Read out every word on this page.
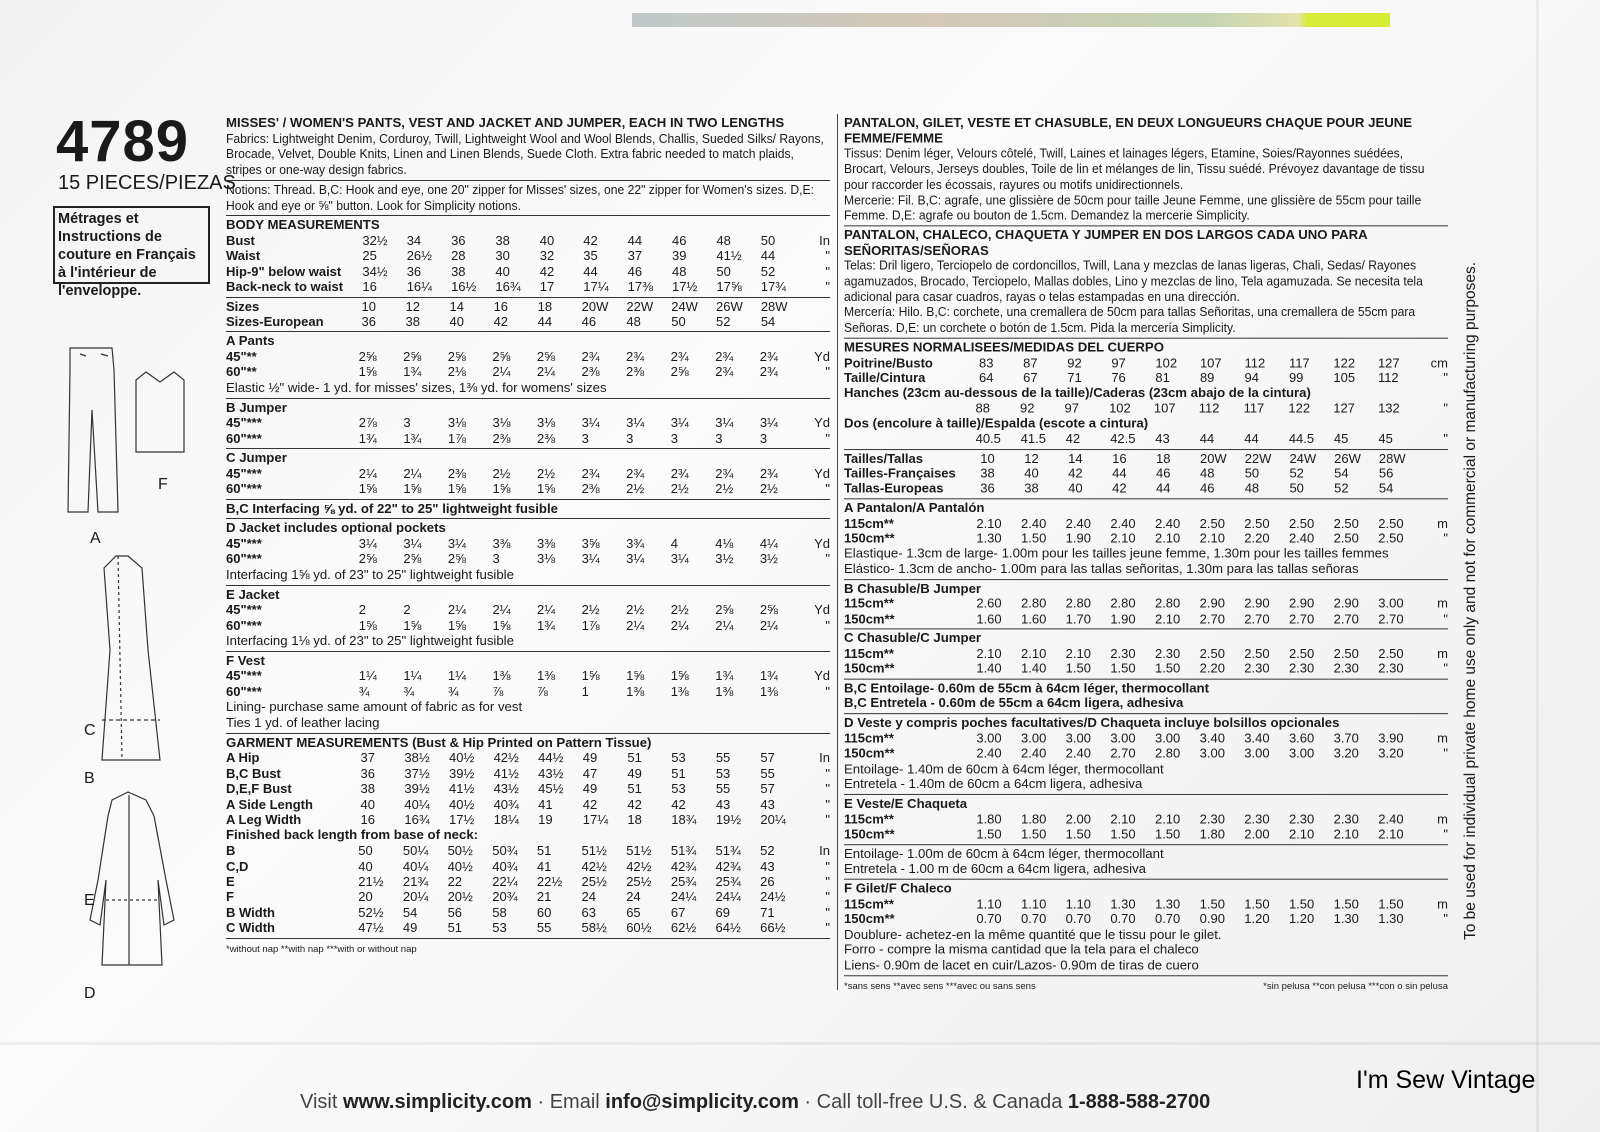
4789
15 PIECES/PIEZAS
Métrages et Instructions de couture en Français à l'intérieur de l'enveloppe.
A
F
C
B
E
D
MISSES' / WOMEN'S PANTS, VEST AND JACKET AND JUMPER, EACH IN TWO LENGTHS
Fabrics: Lightweight Denim, Corduroy, Twill, Lightweight Wool and Wool Blends, Challis, Sueded Silks/ Rayons, Brocade, Velvet, Double Knits, Linen and Linen Blends, Suede Cloth. Extra fabric needed to match plaids, stripes or one-way design fabrics.
Notions: Thread. B,C: Hook and eye, one 20" zipper for Misses' sizes, one 22" zipper for Women's sizes. D,E: Hook and eye or ⅝" button. Look for Simplicity notions.
BODY MEASUREMENTS
Bust	32½	34	36	38	40	42	44	46	48	50	In
Waist	25	26½	28	30	32	35	37	39	41½	44	"
Hip-9" below waist	34½	36	38	40	42	44	46	48	50	52	"
Back-neck to waist	16	16¼	16½	16¾	17	17¼	17⅜	17½	17⅝	17¾	"
Sizes	10	12	14	16	18	20W	22W	24W	26W	28W	
Sizes-European	36	38	40	42	44	46	48	50	52	54	
A Pants
45"**	2⅝	2⅝	2⅝	2⅝	2⅝	2¾	2¾	2¾	2¾	2¾	Yd
60"**	1⅝	1¾	2⅛	2¼	2¼	2⅜	2⅜	2⅝	2¾	2¾	"
Elastic ½" wide- 1 yd. for misses' sizes, 1⅜ yd. for womens' sizes
B Jumper
45"***	2⅞	3	3⅛	3⅛	3⅛	3¼	3¼	3¼	3¼	3¼	Yd
60"***	1¾	1¾	1⅞	2⅜	2⅜	3	3	3	3	3	"
C Jumper
45"***	2¼	2¼	2⅜	2½	2½	2¾	2¾	2¾	2¾	2¾	Yd
60"***	1⅝	1⅝	1⅝	1⅝	1⅝	2⅜	2½	2½	2½	2½	"
B,C Interfacing ⅝ yd. of 22" to 25" lightweight fusible
D Jacket includes optional pockets
45"***	3¼	3¼	3¼	3⅜	3⅜	3⅝	3¾	4	4⅛	4¼	Yd
60"***	2⅝	2⅝	2⅝	3	3⅛	3¼	3¼	3¼	3½	3½	"
Interfacing 1⅝ yd. of 23" to 25" lightweight fusible
E Jacket
45"***	2	2	2¼	2¼	2¼	2½	2½	2½	2⅝	2⅝	Yd
60"***	1⅝	1⅝	1⅝	1⅝	1¾	1⅞	2¼	2¼	2¼	2¼	"
Interfacing 1⅛ yd. of 23" to 25" lightweight fusible
F Vest
45"***	1¼	1¼	1¼	1⅜	1⅜	1⅝	1⅝	1⅝	1¾	1¾	Yd
60"***	¾	¾	¾	⅞	⅞	1	1⅜	1⅜	1⅜	1⅜	"
Lining- purchase same amount of fabric as for vest
Ties 1 yd. of leather lacing
GARMENT MEASUREMENTS (Bust & Hip Printed on Pattern Tissue)
A Hip	37	38½	40½	42½	44½	49	51	53	55	57	In
B,C Bust	36	37½	39½	41½	43½	47	49	51	53	55	"
D,E,F Bust	38	39½	41½	43½	45½	49	51	53	55	57	"
A Side Length	40	40¼	40½	40¾	41	42	42	42	43	43	"
A Leg Width	16	16¾	17½	18¼	19	17¼	18	18¾	19½	20¼	"
Finished back length from base of neck:
B	50	50¼	50½	50¾	51	51½	51½	51¾	51¾	52	In
C,D	40	40¼	40½	40¾	41	42½	42½	42¾	42¾	43	"
E	21½	21¾	22	22¼	22½	25½	25½	25¾	25¾	26	"
F	20	20¼	20½	20¾	21	24	24	24¼	24¼	24½	"
B Width	52½	54	56	58	60	63	65	67	69	71	"
C Width	47½	49	51	53	55	58½	60½	62½	64½	66½	"
*without nap **with nap ***with or without nap
PANTALON, GILET, VESTE ET CHASUBLE, EN DEUX LONGUEURS CHAQUE POUR JEUNE FEMME/FEMME
Tissus: Denim léger, Velours côtelé, Twill, Laines et lainages légers, Etamine, Soies/Rayonnes suédées, Brocart, Velours, Jerseys doubles, Toile de lin et mélanges de lin, Tissu suédé. Prévoyez davantage de tissu pour raccorder les écossais, rayures ou motifs unidirectionnels.
Mercerie: Fil. B,C: agrafe, une glissière de 50cm pour taille Jeune Femme, une glissière de 55cm pour taille Femme. D,E: agrafe ou bouton de 1.5cm. Demandez la mercerie Simplicity.
PANTALON, CHALECO, CHAQUETA Y JUMPER EN DOS LARGOS CADA UNO PARA SEÑORITAS/SEÑORAS
Telas: Dril ligero, Terciopelo de cordoncillos, Twill, Lana y mezclas de lanas ligeras, Chali, Sedas/ Rayones agamuzados, Brocado, Terciopelo, Mallas dobles, Lino y mezclas de lino, Tela agamuzada. Se necesita tela adicional para casar cuadros, rayas o telas estampadas en una dirección.
Mercería: Hilo. B,C: corchete, una cremallera de 50cm para tallas Señoritas, una cremallera de 55cm para Señoras. D,E: un corchete o botón de 1.5cm. Pida la mercería Simplicity.
MESURES NORMALISEES/MEDIDAS DEL CUERPO
Poitrine/Busto	83	87	92	97	102	107	112	117	122	127	cm
Taille/Cintura	64	67	71	76	81	89	94	99	105	112	"
Hanches (23cm au-dessous de la taille)/Caderas (23cm abajo de la cintura)
	88	92	97	102	107	112	117	122	127	132	"
Dos (encolure à taille)/Espalda (escote a cintura)
	40.5	41.5	42	42.5	43	44	44	44.5	45	45	"
Tailles/Tallas	10	12	14	16	18	20W	22W	24W	26W	28W	
Tailles-Françaises	38	40	42	44	46	48	50	52	54	56	
Tallas-Europeas	36	38	40	42	44	46	48	50	52	54	
A Pantalon/A Pantalón
115cm**	2.10	2.40	2.40	2.40	2.40	2.50	2.50	2.50	2.50	2.50	m
150cm**	1.30	1.50	1.90	2.10	2.10	2.10	2.20	2.40	2.50	2.50	"
Elastique- 1.3cm de large- 1.00m pour les tailles jeune femme, 1.30m pour les tailles femmes
Elástico- 1.3cm de ancho- 1.00m para las tallas señoritas, 1.30m para las tallas señoras
B Chasuble/B Jumper
115cm**	2.60	2.80	2.80	2.80	2.80	2.90	2.90	2.90	2.90	3.00	m
150cm**	1.60	1.60	1.70	1.90	2.10	2.70	2.70	2.70	2.70	2.70	"
C Chasuble/C Jumper
115cm**	2.10	2.10	2.10	2.30	2.30	2.50	2.50	2.50	2.50	2.50	m
150cm**	1.40	1.40	1.50	1.50	1.50	2.20	2.30	2.30	2.30	2.30	"
B,C Entoilage- 0.60m de 55cm à 64cm léger, thermocollant
B,C Entretela - 0.60m de 55cm a 64cm ligera, adhesiva
D Veste y compris poches facultatives/D Chaqueta incluye bolsillos opcionales
115cm**	3.00	3.00	3.00	3.00	3.00	3.40	3.40	3.60	3.70	3.90	m
150cm**	2.40	2.40	2.40	2.70	2.80	3.00	3.00	3.00	3.20	3.20	"
Entoilage- 1.40m de 60cm à 64cm léger, thermocollant
Entretela - 1.40m de 60cm a 64cm ligera, adhesiva
E Veste/E Chaqueta
115cm**	1.80	1.80	2.00	2.10	2.10	2.30	2.30	2.30	2.30	2.40	m
150cm**	1.50	1.50	1.50	1.50	1.50	1.80	2.00	2.10	2.10	2.10	"
Entoilage- 1.00m de 60cm à 64cm léger, thermocollant
Entretela - 1.00 m de 60cm a 64cm ligera, adhesiva
F Gilet/F Chaleco
115cm**	1.10	1.10	1.10	1.30	1.30	1.50	1.50	1.50	1.50	1.50	m
150cm**	0.70	0.70	0.70	0.70	0.70	0.90	1.20	1.20	1.30	1.30	"
Doublure- achetez-en la même quantité que le tissu pour le gilet.
Forro - compre la misma cantidad que la tela para el chaleco
Liens- 0.90m de lacet en cuir/Lazos- 0.90m de tiras de cuero
*sans sens **avec sens ***avec ou sans sens	*sin pelusa **con pelusa ***con o sin pelusa
To be used for individual private home use only and not for commercial or manufacturing purposes.
Visit www.simplicity.com · Email info@simplicity.com · Call toll-free U.S. & Canada 1-888-588-2700
I'm Sew Vintage
